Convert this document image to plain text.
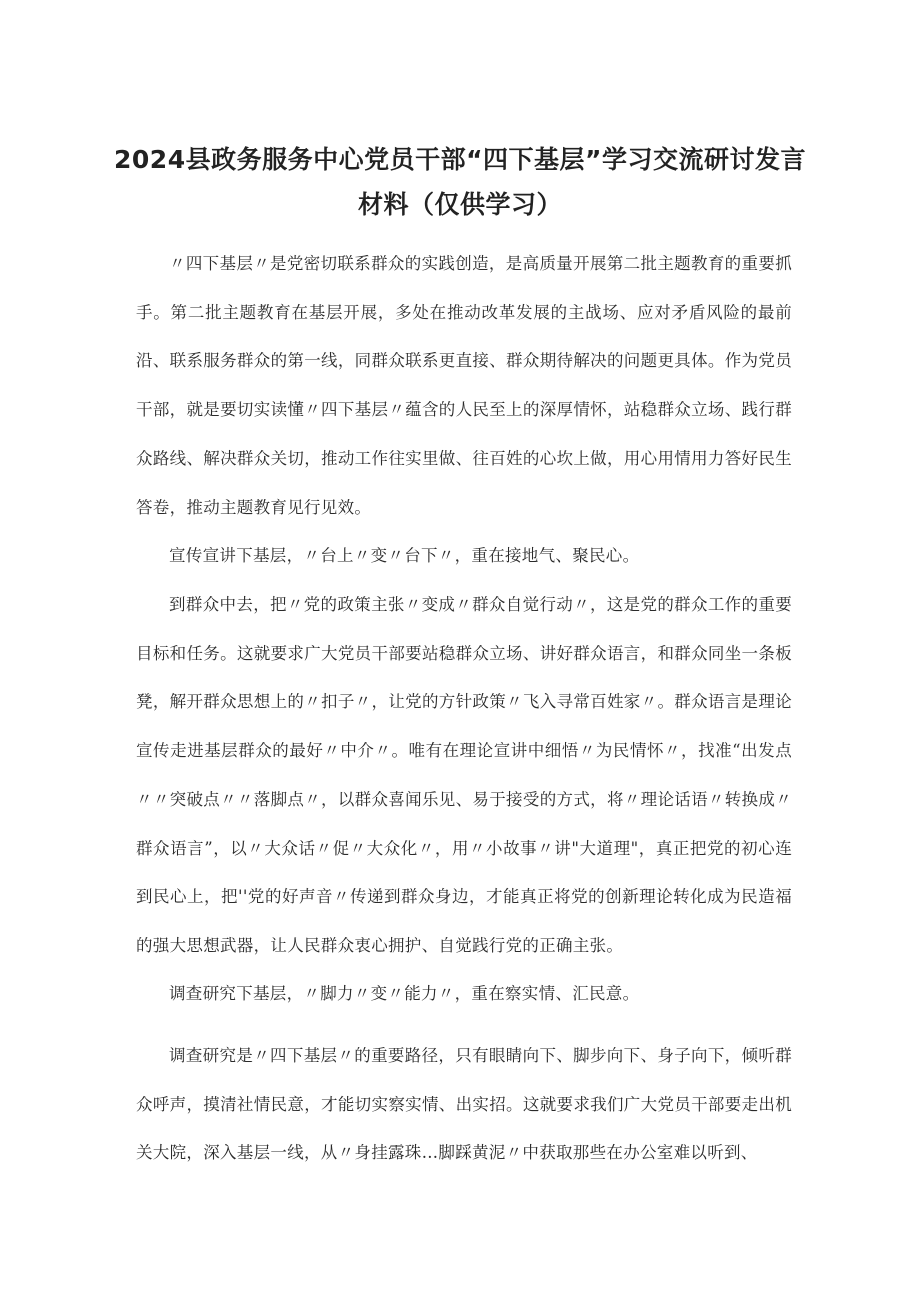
2024县政务服务中心党员干部“四下基层”学习交流研讨发言
材料（仅供学习）

〃四下基层〃是党密切联系群众的实践创造，是高质量开展第二批主题教育的重要抓手。第二批主题教育在基层开展，多处在推动改革发展的主战场、应对矛盾风险的最前沿、联系服务群众的第一线，同群众联系更直接、群众期待解决的问题更具体。作为党员干部，就是要切实读懂〃四下基层〃蕴含的人民至上的深厚情怀，站稳群众立场、践行群众路线、解决群众关切，推动工作往实里做、往百姓的心坎上做，用心用情用力答好民生答卷，推动主题教育见行见效。

宣传宣讲下基层，〃台上〃变〃台下〃，重在接地气、聚民心。

到群众中去，把〃党的政策主张〃变成〃群众自觉行动〃，这是党的群众工作的重要目标和任务。这就要求广大党员干部要站稳群众立场、讲好群众语言，和群众同坐一条板凳，解开群众思想上的〃扣子〃，让党的方针政策〃飞入寻常百姓家〃。群众语言是理论宣传走进基层群众的最好〃中介〃。唯有在理论宣讲中细悟〃为民情怀〃，找准“出发点〃〃突破点〃〃落脚点〃，以群众喜闻乐见、易于接受的方式，将〃理论话语〃转换成〃群众语言”，以〃大众话〃促〃大众化〃，用〃小故事〃讲"大道理"，真正把党的初心连到民心上，把''党的好声音〃传递到群众身边，才能真正将党的创新理论转化成为民造福的强大思想武器，让人民群众衷心拥护、自觉践行党的正确主张。

调查研究下基层，〃脚力〃变〃能力〃，重在察实情、汇民意。

调查研究是〃四下基层〃的重要路径，只有眼睛向下、脚步向下、身子向下，倾听群众呼声，摸清社情民意，才能切实察实情、出实招。这就要求我们广大党员干部要走出机关大院，深入基层一线，从〃身挂露珠…脚踩黄泥〃中获取那些在办公室难以听到、
